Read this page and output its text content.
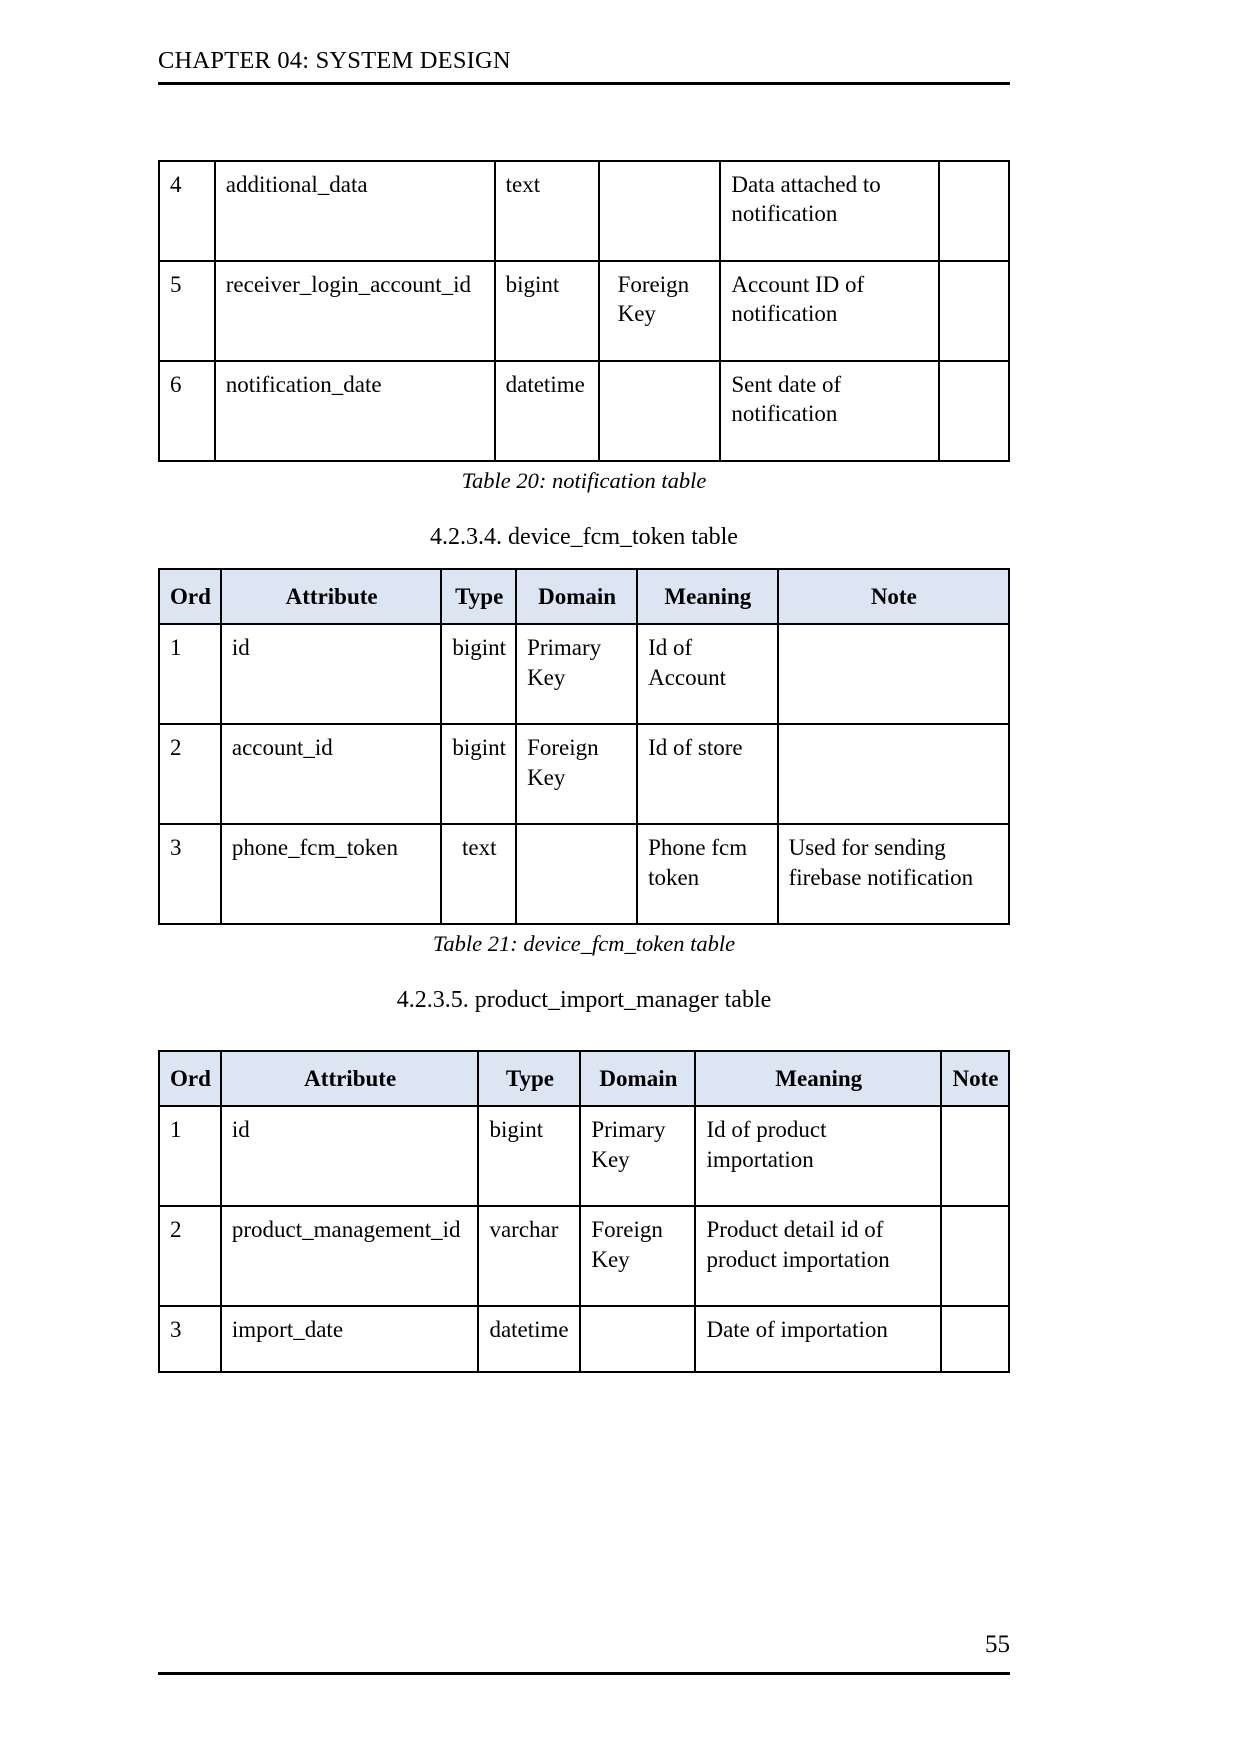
CHAPTER 04: SYSTEM DESIGN
4	additional_data	text		Data attached to notification	
5	receiver_login_account_id	bigint	Foreign Key	Account ID of notification	
6	notification_date	datetime		Sent date of notification	
Table 20: notification table
4.2.3.4. device_fcm_token table
Ord	Attribute	Type	Domain	Meaning	Note
1	id	bigint	Primary Key	Id of Account	
2	account_id	bigint	Foreign Key	Id of store	
3	phone_fcm_token	text		Phone fcm token	Used for sending firebase notification
Table 21: device_fcm_token table
4.2.3.5. product_import_manager table
Ord	Attribute	Type	Domain	Meaning	Note
1	id	bigint	Primary Key	Id of product importation	
2	product_management_id	varchar	Foreign Key	Product detail id of product importation	
3	import_date	datetime		Date of importation	
55
